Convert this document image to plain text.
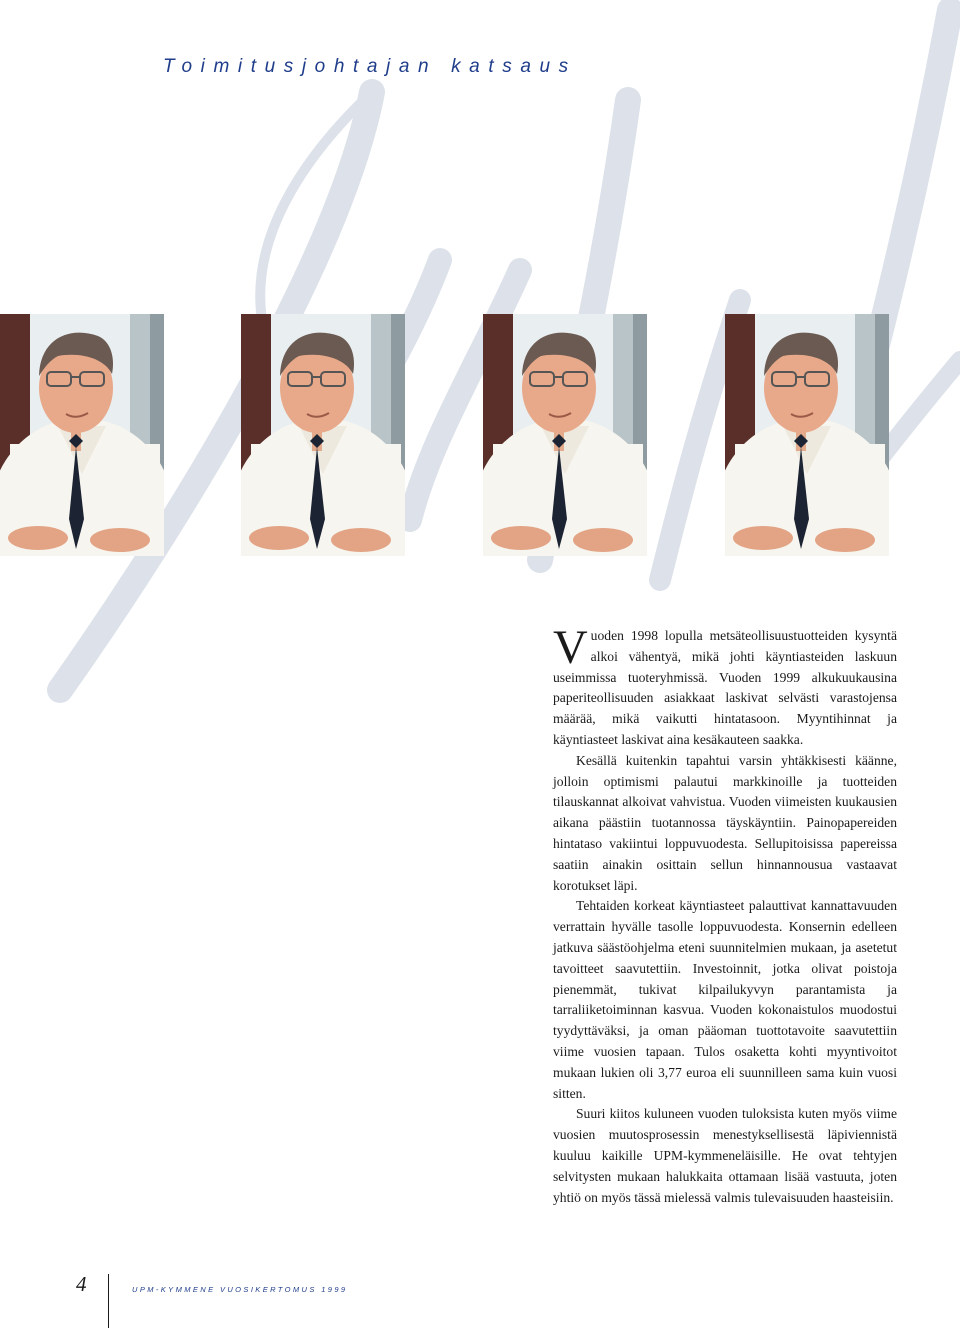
Toimitusjohtajan katsaus

Vuoden 1998 lopulla metsäteollisuustuotteiden kysyntä alkoi vähentyä, mikä johti käyntiasteiden laskuun useimmissa tuoteryhmissä. Vuoden 1999 alkukuukausina paperiteollisuuden asiakkaat laskivat selvästi varastojensa määrää, mikä vaikutti hintatasoon. Myyntihinnat ja käyntiasteet laskivat aina kesäkauteen saakka.

Kesällä kuitenkin tapahtui varsin yhtäkkisesti käänne, jolloin optimismi palautui markkinoille ja tuotteiden tilauskannat alkoivat vahvistua. Vuoden viimeisten kuukausien aikana päästiin tuotannossa täyskäyntiin. Painopapereiden hintataso vakiintui loppuvuodesta. Sellupitoisissa papereissa saatiin ainakin osittain sellun hinnannousua vastaavat korotukset läpi.

Tehtaiden korkeat käyntiasteet palauttivat kannattavuuden verrattain hyvälle tasolle loppuvuodesta. Konsernin edelleen jatkuva säästöohjelma eteni suunnitelmien mukaan, ja asetetut tavoitteet saavutettiin. Investoinnit, jotka olivat poistoja pienemmät, tukivat kilpailukyvyn parantamista ja tarraliiketoiminnan kasvua. Vuoden kokonaistulos muodostui tyydyttäväksi, ja oman pääoman tuottotavoite saavutettiin viime vuosien tapaan. Tulos osaketta kohti myyntivoitot mukaan lukien oli 3,77 euroa eli suunnilleen sama kuin vuosi sitten.

Suuri kiitos kuluneen vuoden tuloksista kuten myös viime vuosien muutosprosessin menestyksellisestä läpiviennistä kuuluu kaikille UPM-kymmeneläisille. He ovat tehtyjen selvitysten mukaan halukkaita ottamaan lisää vastuuta, joten yhtiö on myös tässä mielessä valmis tulevaisuuden haasteisiin.

4	UPM-KYMMENE VUOSIKERTOMUS 1999
